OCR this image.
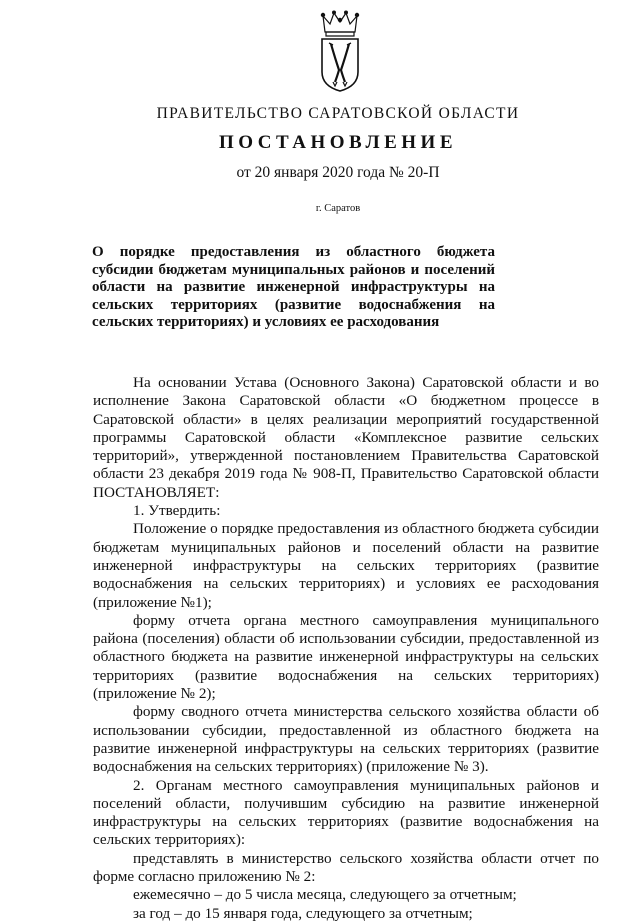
ПРАВИТЕЛЬСТВО САРАТОВСКОЙ ОБЛАСТИ
ПОСТАНОВЛЕНИЕ
от 20 января 2020 года № 20-П
г. Саратов
О порядке предоставления из областного бюджета субсидии бюджетам муниципальных районов и поселений области на развитие инженерной инфраструктуры на сельских территориях (развитие водоснабжения на сельских территориях) и условиях ее расходования

На основании Устава (Основного Закона) Саратовской области и во исполнение Закона Саратовской области «О бюджетном процессе в Саратовской области» в целях реализации мероприятий государственной программы Саратовской области «Комплексное развитие сельских территорий», утвержденной постановлением Правительства Саратовской области 23 декабря 2019 года № 908-П, Правительство Саратовской области ПОСТАНОВЛЯЕТ:

1. Утвердить:

Положение о порядке предоставления из областного бюджета субсидии бюджетам муниципальных районов и поселений области на развитие инженерной инфраструктуры на сельских территориях (развитие водоснабжения на сельских территориях) и условиях ее расходования (приложение №1);

форму отчета органа местного самоуправления муниципального района (поселения) области об использовании субсидии, предоставленной из областного бюджета на развитие инженерной инфраструктуры на сельских территориях (развитие водоснабжения на сельских территориях) (приложение № 2);

форму сводного отчета министерства сельского хозяйства области об использовании субсидии, предоставленной из областного бюджета на развитие инженерной инфраструктуры на сельских территориях (развитие водоснабжения на сельских территориях) (приложение № 3).

2. Органам местного самоуправления муниципальных районов и поселений области, получившим субсидию на развитие инженерной инфраструктуры на сельских территориях (развитие водоснабжения на сельских территориях):

представлять в министерство сельского хозяйства области отчет по форме согласно приложению № 2:

ежемесячно – до 5 числа месяца, следующего за отчетным;

за год – до 15 января года, следующего за отчетным;
